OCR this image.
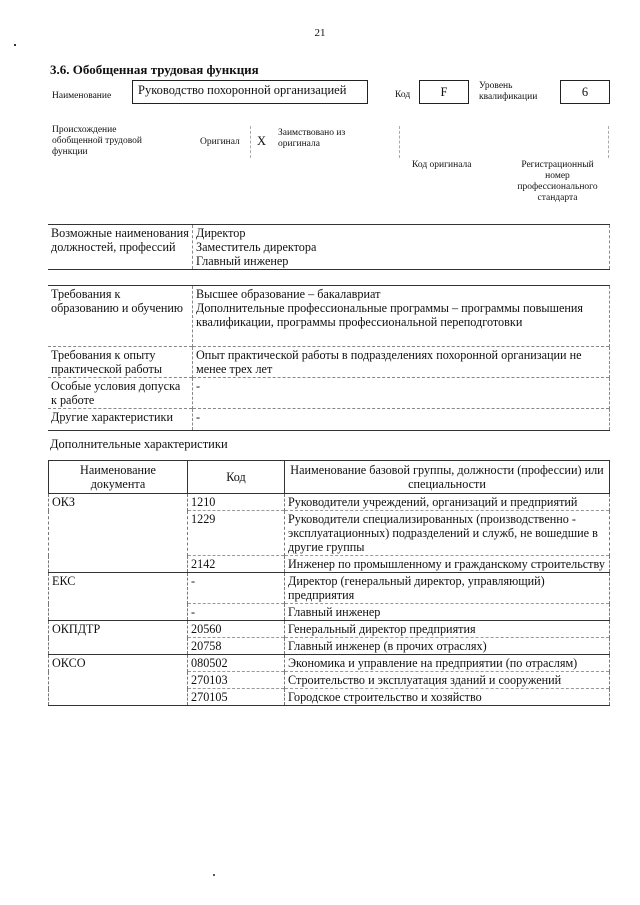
21
3.6. Обобщенная трудовая функция
Наименование	Руководство похоронной организацией	Код	F	Уровень квалификации	6
Происхождение обобщенной трудовой функции
Оригинал X
Заимствовано из оригинала
Код оригинала	Регистрационный номер профессионального стандарта
Возможные наименования должностей, профессий	
Директор
Заместитель директора
Главный инженер
Требования к образованию и обучению	Высшее образование – бакалавриат
Дополнительные профессиональные программы – программы повышения квалификации, программы профессиональной переподготовки
Требования к опыту практической работы	Опыт практической работы в подразделениях похоронной организации не менее трех лет
Особые условия допуска к работе	-
Другие характеристики	-
Дополнительные характеристики
Наименование документа	Код	Наименование базовой группы, должности (профессии) или специальности
ОКЗ	1210	Руководители учреждений, организаций и предприятий
	1229	Руководители специализированных (производственно - эксплуатационных) подразделений и служб, не вошедшие в другие группы
	2142	Инженер по промышленному и гражданскому строительству
ЕКС	-	Директор (генеральный директор, управляющий) предприятия
	-	Главный инженер
ОКПДТР	20560	Генеральный директор предприятия
	20758	Главный инженер (в прочих отраслях)
ОКСО	080502	Экономика и управление на предприятии (по отраслям)
	270103	Строительство и эксплуатация зданий и сооружений
	270105	Городское строительство и хозяйство
